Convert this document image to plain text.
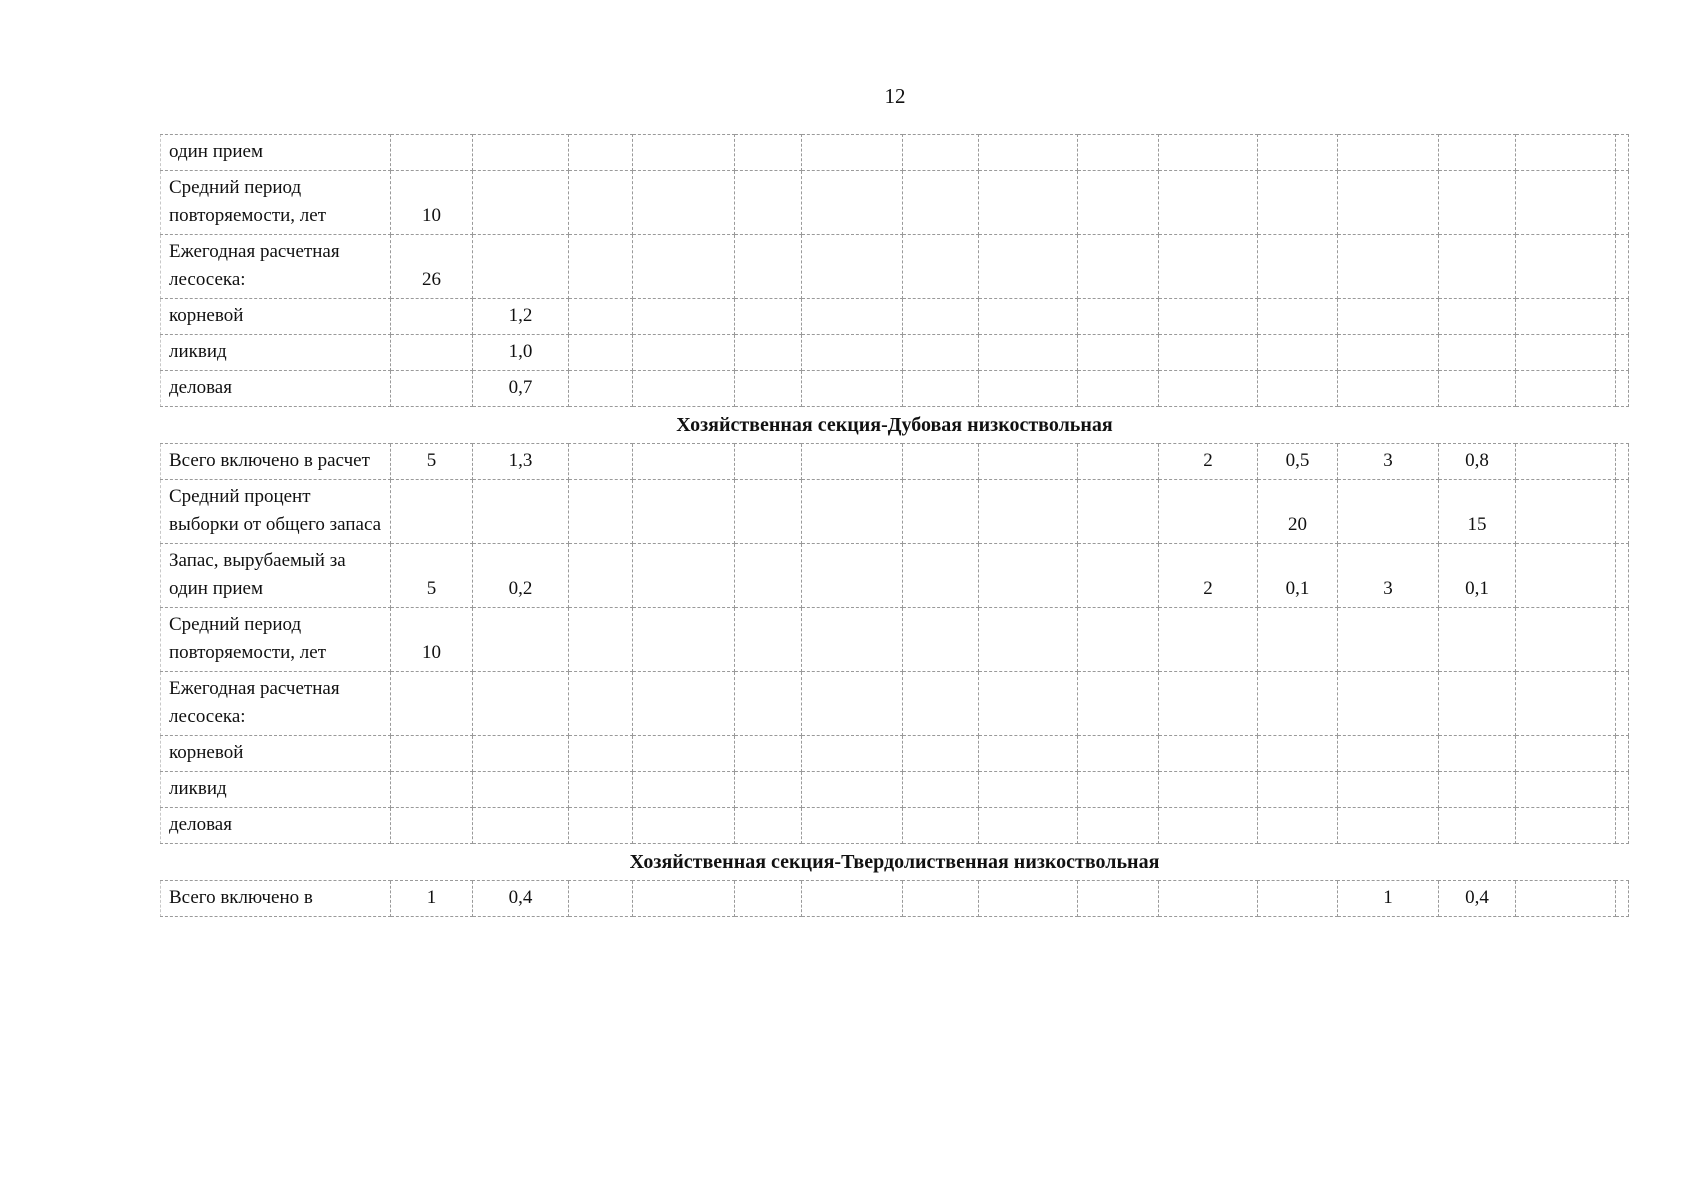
12
один прием															
Средний период повторяемости, лет	10														
Ежегодная расчетная лесосека:	26														
корневой		1,2													
ликвид		1,0													
деловая		0,7													
Хозяйственная секция-Дубовая низкоствольная															
Всего включено в расчет	5	1,3								2	0,5	3	0,8		
Средний процент выборки от общего запаса											20		15		
Запас, вырубаемый за один прием	5	0,2								2	0,1	3	0,1		
Средний период повторяемости, лет	10														
Ежегодная расчетная лесосека:															
корневой															
ликвид															
деловая															
Хозяйственная секция-Твердолиственная низкоствольная															
Всего включено в	1	0,4										1	0,4		
